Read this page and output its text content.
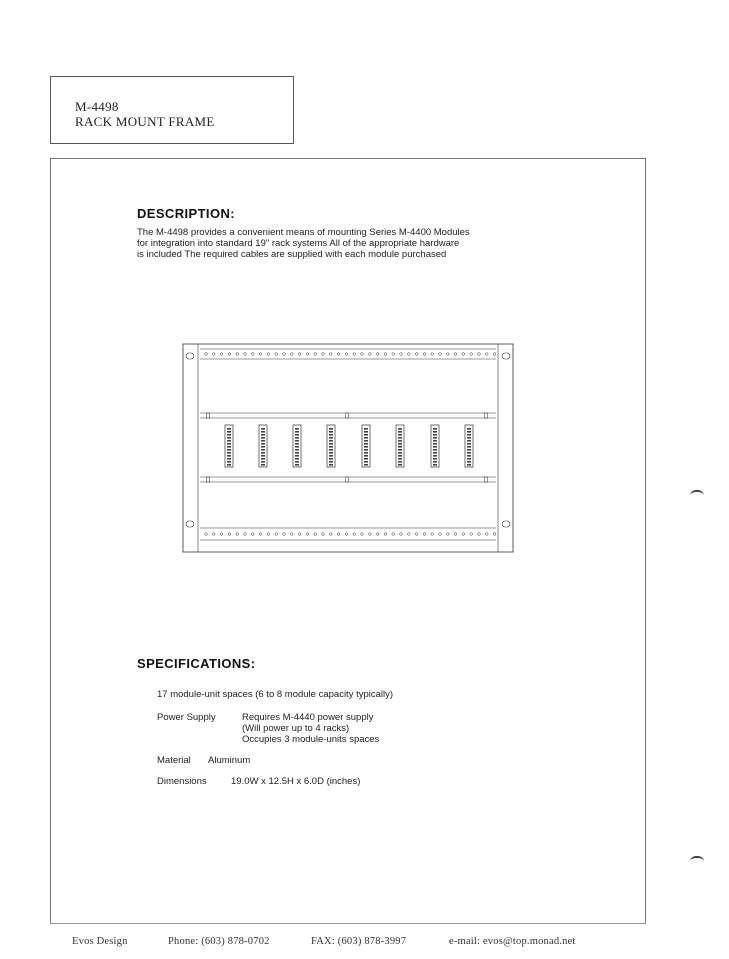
M-4498
RACK MOUNT FRAME
DESCRIPTION:
The M-4498 provides a convenient means of mounting Series M-4400 Modules
for integration into standard 19" rack systems All of the appropriate hardware
is included The required cables are supplied with each module purchased
SPECIFICATIONS:
17 module-unit spaces (6 to 8 module capacity typically)
Power Supply	Requires M-4440 power supply
(Will power up to 4 racks)
Occupies 3 module-units spaces
Material Aluminum
Dimensions	19.0W x 12.5H x 6.0D (inches)
Evos Design	Phone: (603) 878-0702	FAX: (603) 878-3997	e-mail: evos@top.monad.net
